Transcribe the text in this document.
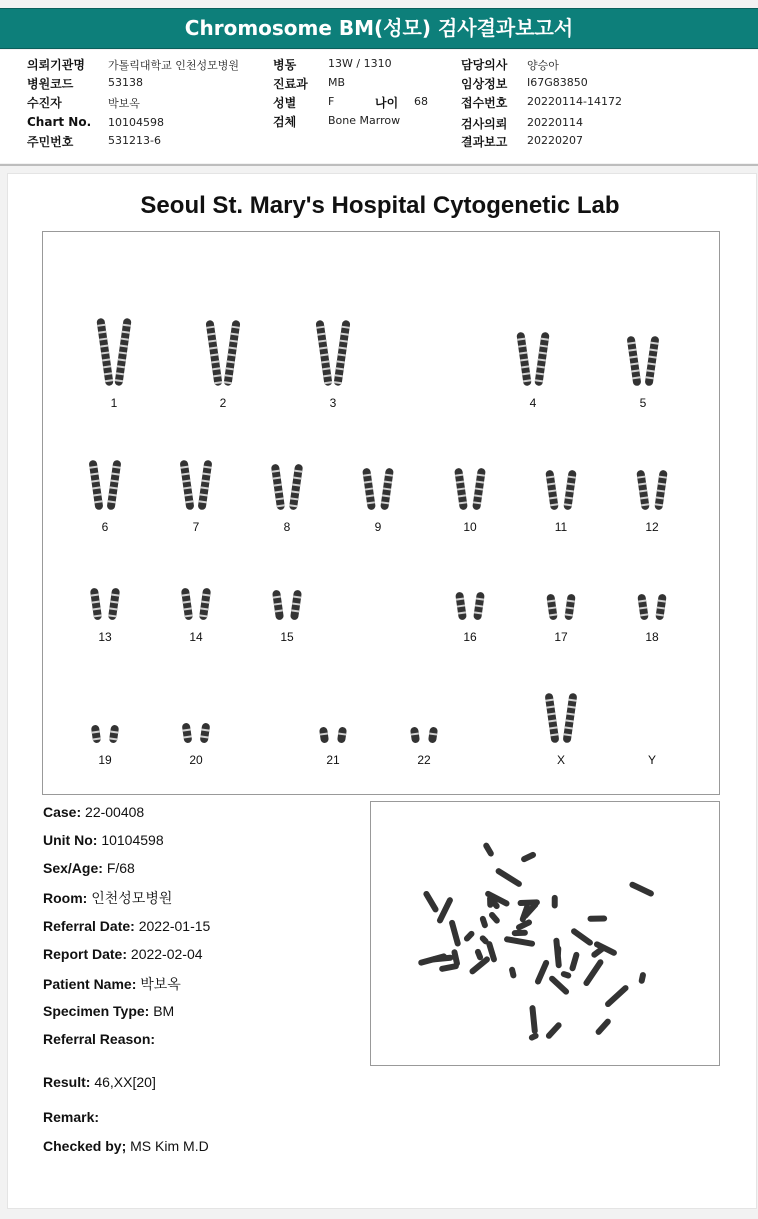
Chromosome BM(성모) 검사결과보고서
의뢰기관명 가톨릭대학교 인천성모병원
병원코드	53138
수진자	박보옥
Chart No. 10104598
주민번호	531213-6
병동	13W / 1310
진료과 MB
성별	F	나이 68
검체	Bone Marrow
담당의사 양승아
임상정보 I67G83850
접수번호 20220114-14172
검사의뢰 20220114
결과보고 20220207
Seoul St. Mary's Hospital Cytogenetic Lab
1	2	3	4	5
6	7	8	9	10	11	12
13	14	15	16	17	18
19	20	21	22	X	Y
Case: 22-00408
Unit No: 10104598
Sex/Age: F/68
Room: 인천성모병원
Referral Date: 2022-01-15
Report Date: 2022-02-04
Patient Name: 박보옥
Specimen Type: BM
Referral Reason:
Result: 46,XX[20]
Remark:
Checked by; MS Kim M.D
